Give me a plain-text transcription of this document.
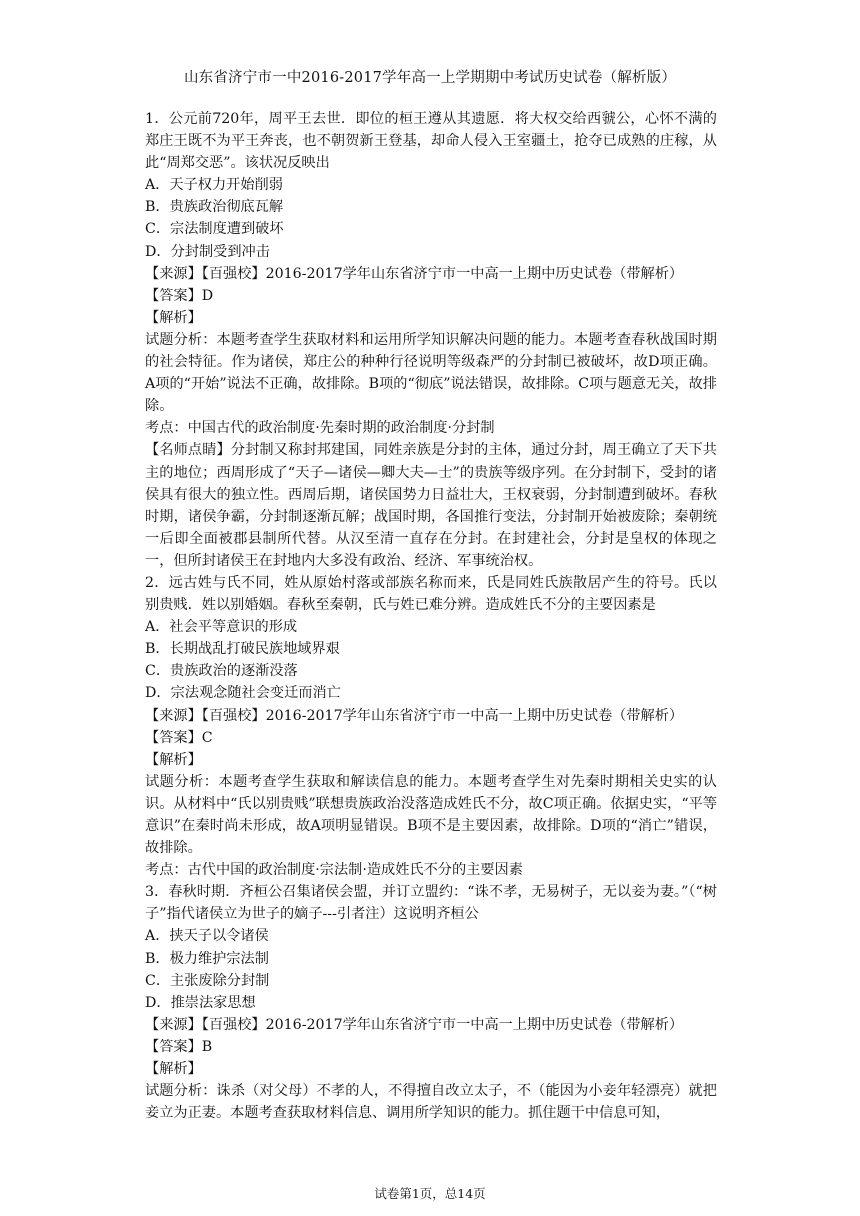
山东省济宁市一中2016-2017学年高一上学期期中考试历史试卷（解析版）

1．公元前720年，周平王去世．即位的桓王遵从其遗愿．将大权交给西虢公，心怀不满的郑庄王既不为平王奔丧，也不朝贺新王登基，却命人侵入王室疆土，抢夺已成熟的庄稼，从此“周郑交恶”。该状况反映出

A．天子权力开始削弱

B．贵族政治彻底瓦解

C．宗法制度遭到破坏

D．分封制受到冲击

【来源】【百强校】2016-2017学年山东省济宁市一中高一上期中历史试卷（带解析）

【答案】D

【解析】

试题分析：本题考查学生获取材料和运用所学知识解决问题的能力。本题考查春秋战国时期的社会特征。作为诸侯，郑庄公的种种行径说明等级森严的分封制已被破坏，故D项正确。A项的“开始”说法不正确，故排除。B项的“彻底”说法错误，故排除。C项与题意无关，故排除。

考点：中国古代的政治制度·先秦时期的政治制度·分封制

【名师点睛】分封制又称封邦建国，同姓亲族是分封的主体，通过分封，周王确立了天下共主的地位；西周形成了“天子—诸侯—卿大夫—士”的贵族等级序列。在分封制下，受封的诸侯具有很大的独立性。西周后期，诸侯国势力日益壮大，王权衰弱，分封制遭到破坏。春秋时期，诸侯争霸，分封制逐渐瓦解；战国时期，各国推行变法，分封制开始被废除；秦朝统一后即全面被郡县制所代替。从汉至清一直存在分封。在封建社会，分封是皇权的体现之一，但所封诸侯王在封地内大多没有政治、经济、军事统治权。

2．远古姓与氏不同，姓从原始村落或部族名称而来，氏是同姓氏族散居产生的符号。氏以别贵贱．姓以别婚姻。春秋至秦朝，氏与姓已难分辨。造成姓氏不分的主要因素是

A．社会平等意识的形成

B．长期战乱打破民族地域界艰

C．贵族政治的逐渐没落

D．宗法观念随社会变迁而消亡

【来源】【百强校】2016-2017学年山东省济宁市一中高一上期中历史试卷（带解析）

【答案】C

【解析】

试题分析：本题考查学生获取和解读信息的能力。本题考查学生对先秦时期相关史实的认识。从材料中“氏以别贵贱”联想贵族政治没落造成姓氏不分，故C项正确。依据史实，“平等意识”在秦时尚未形成，故A项明显错误。B项不是主要因素，故排除。D项的“消亡”错误，故排除。

考点：古代中国的政治制度·宗法制·造成姓氏不分的主要因素

3．春秋时期．齐桓公召集诸侯会盟，并订立盟约：“诛不孝，无易树子，无以妾为妻。”（“树子”指代诸侯立为世子的嫡子---引者注）这说明齐桓公

A．挟天子以令诸侯

B．极力维护宗法制

C．主张废除分封制

D．推崇法家思想

【来源】【百强校】2016-2017学年山东省济宁市一中高一上期中历史试卷（带解析）

【答案】B

【解析】

试题分析：诛杀（对父母）不孝的人，不得擅自改立太子，不（能因为小妾年轻漂亮）就把妾立为正妻。本题考查获取材料信息、调用所学知识的能力。抓住题干中信息可知，

试卷第1页，总14页
